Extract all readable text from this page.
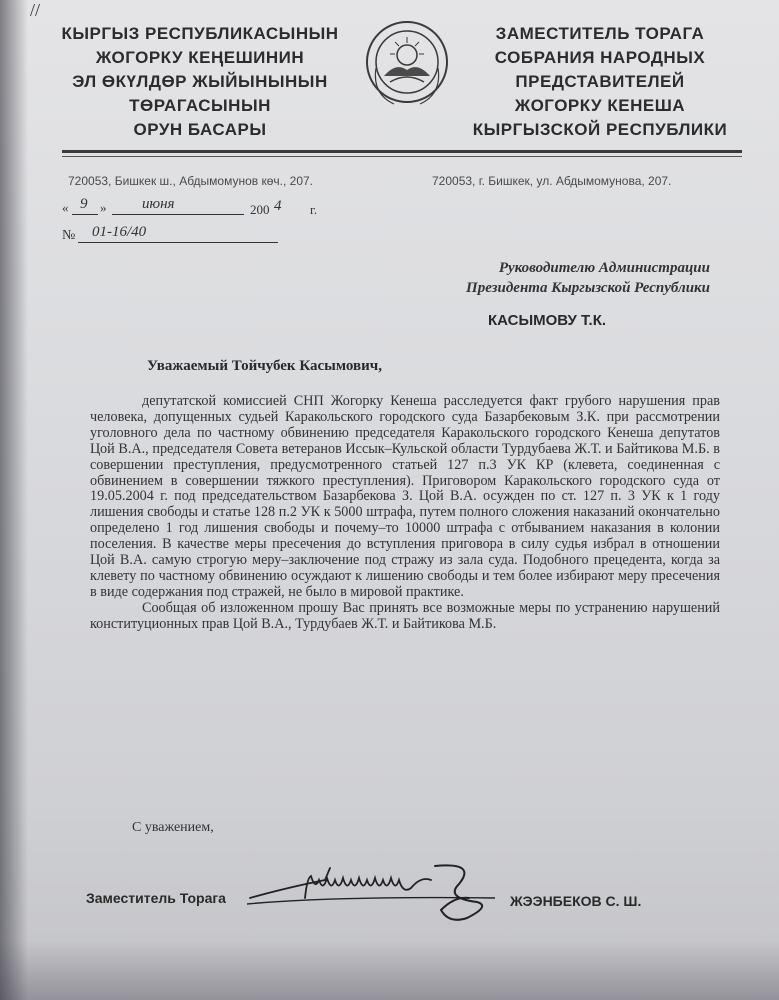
//
КЫРГЫЗ РЕСПУБЛИКАСЫНЫН
ЖОГОРКУ КЕҢЕШИНИН
ЭЛ ӨКҮЛДӨР ЖЫЙЫНЫНЫН
ТӨРАГАСЫНЫН
ОРУН БАСАРЫ
ЗАМЕСТИТЕЛЬ ТОРАГА
СОБРАНИЯ НАРОДНЫХ
ПРЕДСТАВИТЕЛЕЙ
ЖОГОРКУ КЕНЕША
КЫРГЫЗСКОЙ РЕСПУБЛИКИ
720053, Бишкек ш., Абдымомунов көч., 207.	720053, г. Бишкек, ул. Абдымомунова, 207.
« 9 » июня	200 4 г.
№ 01-16/40
Руководителю Администрации
Президента Кыргызской Республики
КАСЫМОВУ Т.К.
Уважаемый Тойчубек Касымович,

депутатской комиссией СНП Жогорку Кенеша расследуется факт грубого нарушения прав человека, допущенных судьей Каракольского городского суда Базарбековым З.К. при рассмотрении уголовного дела по частному обвинению председателя Каракольского городского Кенеша депутатов Цой В.А., председателя Совета ветеранов Иссык–Кульской области Турдубаева Ж.Т. и Байтикова М.Б. в совершении преступления, предусмотренного статьей 127 п.3 УК КР (клевета, соединенная с обвинением в совершении тяжкого преступления). Приговором Каракольского городского суда от 19.05.2004 г. под председательством Базарбекова З. Цой В.А. осужден по ст. 127 п. 3 УК к 1 году лишения свободы и статье 128 п.2 УК к 5000 штрафа, путем полного сложения наказаний окончательно определено 1 год лишения свободы и почему–то 10000 штрафа с отбыванием наказания в колонии поселения. В качестве меры пресечения до вступления приговора в силу судья избрал в отношении Цой В.А. самую строгую меру–заключение под стражу из зала суда. Подобного прецедента, когда за клевету по частному обвинению осуждают к лишению свободы и тем более избирают меру пресечения в виде содержания под стражей, не было в мировой практике.

Сообщая об изложенном прошу Вас принять все возможные меры по устранению нарушений конституционных прав Цой В.А., Турдубаев Ж.Т. и Байтикова М.Б.

С уважением,
Заместитель Торага	ЖЭЭНБЕКОВ С. Ш.
